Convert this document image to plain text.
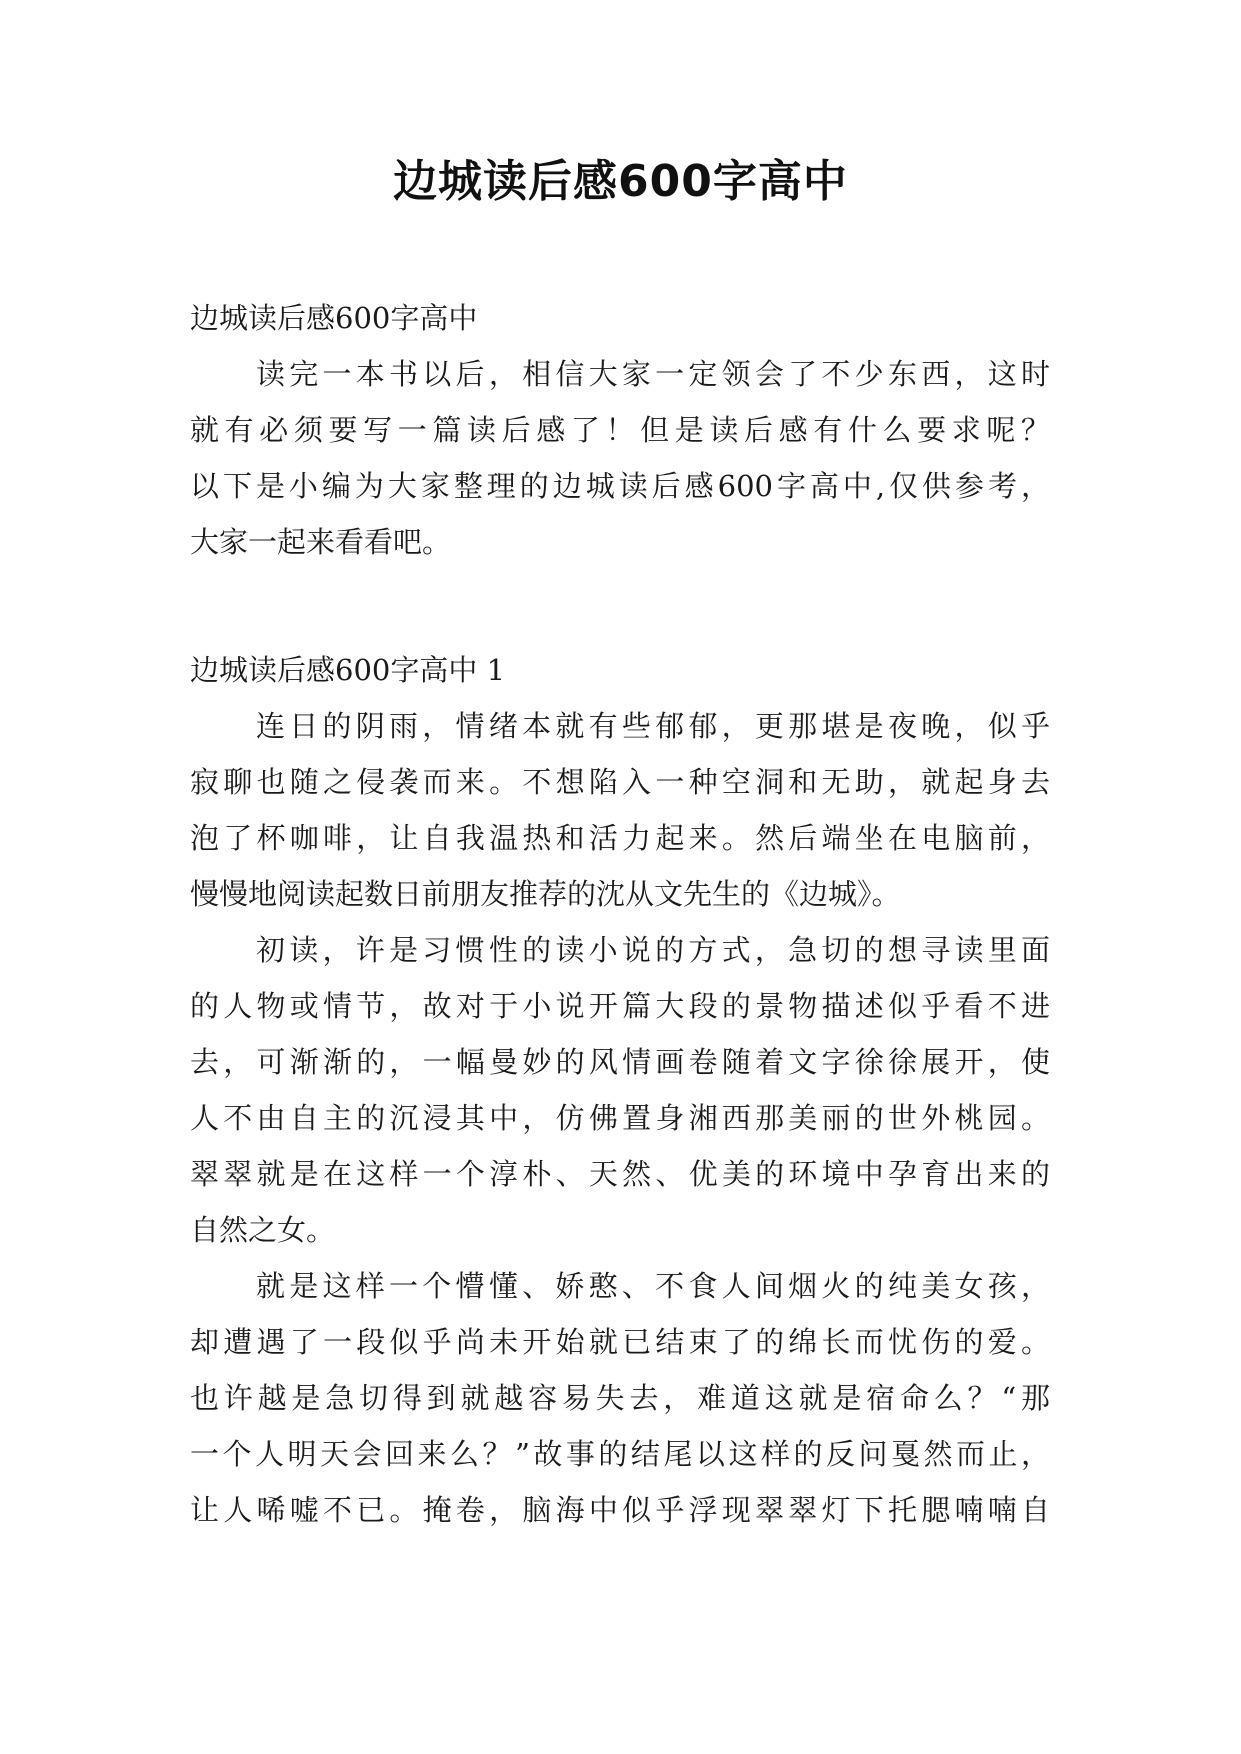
边城读后感600字高中
边城读后感600字高中
读完一本书以后，相信大家一定领会了不少东西，这时
就有必须要写一篇读后感了！但是读后感有什么要求呢？
以下是小编为大家整理的边城读后感600字高中,仅供参考，
大家一起来看看吧。
边城读后感600字高中 1
连日的阴雨，情绪本就有些郁郁，更那堪是夜晚，似乎
寂聊也随之侵袭而来。不想陷入一种空洞和无助，就起身去
泡了杯咖啡，让自我温热和活力起来。然后端坐在电脑前，
慢慢地阅读起数日前朋友推荐的沈从文先生的《边城》。
初读，许是习惯性的读小说的方式，急切的想寻读里面
的人物或情节，故对于小说开篇大段的景物描述似乎看不进
去，可渐渐的，一幅曼妙的风情画卷随着文字徐徐展开，使
人不由自主的沉浸其中，仿佛置身湘西那美丽的世外桃园。
翠翠就是在这样一个淳朴、天然、优美的环境中孕育出来的
自然之女。
就是这样一个懵懂、娇憨、不食人间烟火的纯美女孩，
却遭遇了一段似乎尚未开始就已结束了的绵长而忧伤的爱。
也许越是急切得到就越容易失去，难道这就是宿命么？“那
一个人明天会回来么？”故事的结尾以这样的反问戛然而止，
让人唏嘘不已。掩卷，脑海中似乎浮现翠翠灯下托腮喃喃自
